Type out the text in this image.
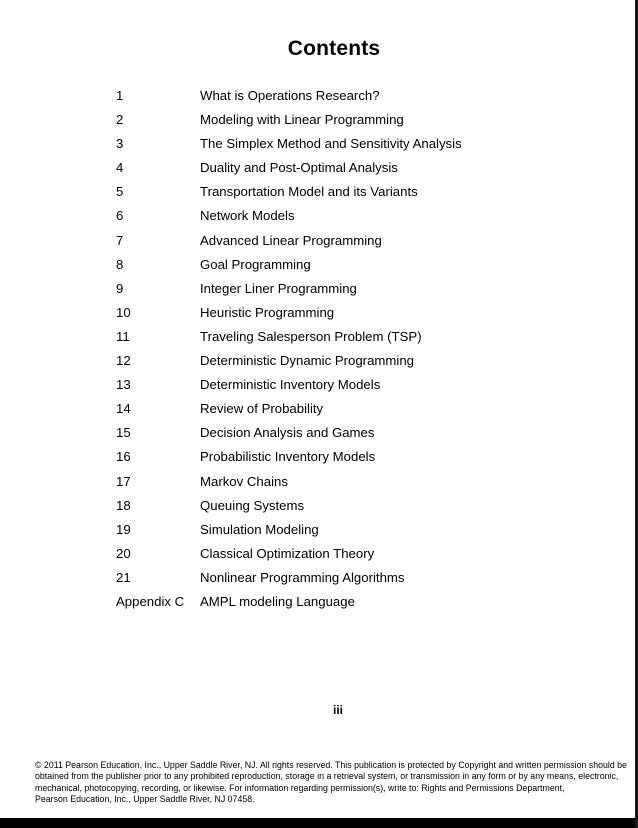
Contents
1	What is Operations Research?
2	Modeling with Linear Programming
3	The Simplex Method and Sensitivity Analysis
4	Duality and Post-Optimal Analysis
5	Transportation Model and its Variants
6	Network Models
7	Advanced Linear Programming
8	Goal Programming
9	Integer Liner Programming
10	Heuristic Programming
11	Traveling Salesperson Problem (TSP)
12	Deterministic Dynamic Programming
13	Deterministic Inventory Models
14	Review of Probability
15	Decision Analysis and Games
16	Probabilistic Inventory Models
17	Markov Chains
18	Queuing Systems
19	Simulation Modeling
20	Classical Optimization Theory
21	Nonlinear Programming Algorithms
Appendix C	AMPL modeling Language
iii
© 2011 Pearson Education, Inc., Upper Saddle River, NJ. All rights reserved. This publication is protected by Copyright and written permission should be
obtained from the publisher prior to any prohibited reproduction, storage in a retrieval system, or transmission in any form or by any means, electronic,
mechanical, photocopying, recording, or likewise. For information regarding permission(s), write to: Rights and Permissions Department,
Pearson Education, Inc., Upper Saddle River, NJ 07458.
